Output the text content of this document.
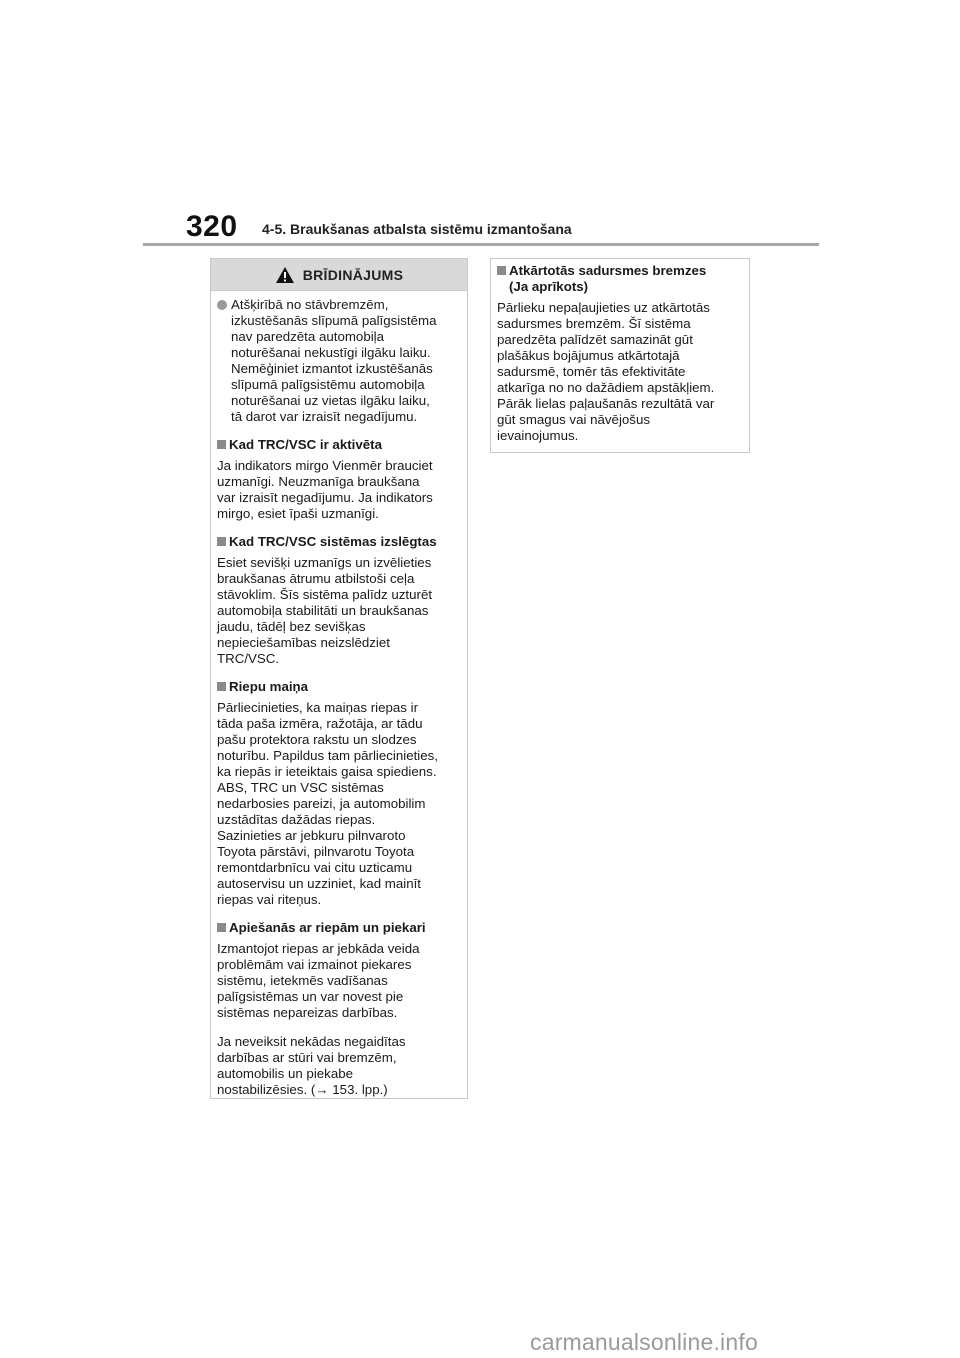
320 4-5. Braukšanas atbalsta sistēmu izmantošana
BRĪDINĀJUMS
Atšķirībā no stāvbremzēm,
izkustēšanās slīpumā palīgsistēma
nav paredzēta automobiļa
noturēšanai nekustīgi ilgāku laiku.
Nemēģiniet izmantot izkustēšanās
slīpumā palīgsistēmu automobiļa
noturēšanai uz vietas ilgāku laiku,
tā darot var izraisīt negadījumu.
Kad TRC/VSC ir aktivēta
Ja indikators mirgo Vienmēr brauciet
uzmanīgi. Neuzmanīga braukšana
var izraisīt negadījumu. Ja indikators
mirgo, esiet īpaši uzmanīgi.
Kad TRC/VSC sistēmas izslēgtas
Esiet sevišķi uzmanīgs un izvēlieties
braukšanas ātrumu atbilstoši ceļa
stāvoklim. Šīs sistēma palīdz uzturēt
automobiļa stabilitāti un braukšanas
jaudu, tādēļ bez sevišķas
nepieciešamības neizslēdziet
TRC/VSC.
Riepu maiņa
Pārliecinieties, ka maiņas riepas ir
tāda paša izmēra, ražotāja, ar tādu
pašu protektora rakstu un slodzes
noturību. Papildus tam pārliecinieties,
ka riepās ir ieteiktais gaisa spiediens.
ABS, TRC un VSC sistēmas
nedarbosies pareizi, ja automobilim
uzstādītas dažādas riepas.
Sazinieties ar jebkuru pilnvaroto
Toyota pārstāvi, pilnvarotu Toyota
remontdarbnīcu vai citu uzticamu
autoservisu un uzziniet, kad mainīt
riepas vai riteņus.
Apiešanās ar riepām un piekari
Izmantojot riepas ar jebkāda veida
problēmām vai izmainot piekares
sistēmu, ietekmēs vadīšanas
palīgsistēmas un var novest pie
sistēmas nepareizas darbības.
Ja neveiksit nekādas negaidītas
darbības ar stūri vai bremzēm,
automobilis un piekabe
nostabilizēsies. (→ 153. lpp.)
Atkārtotās sadursmes bremzes
(Ja aprīkots)
Pārlieku nepaļaujieties uz atkārtotās
sadursmes bremzēm. Šī sistēma
paredzēta palīdzēt samazināt gūt
plašākus bojājumus atkārtotajā
sadursmē, tomēr tās efektivitāte
atkarīga no no dažādiem apstākļiem.
Pārāk lielas paļaušanās rezultātā var
gūt smagus vai nāvējošus
ievainojumus.
carmanualsonline.info
